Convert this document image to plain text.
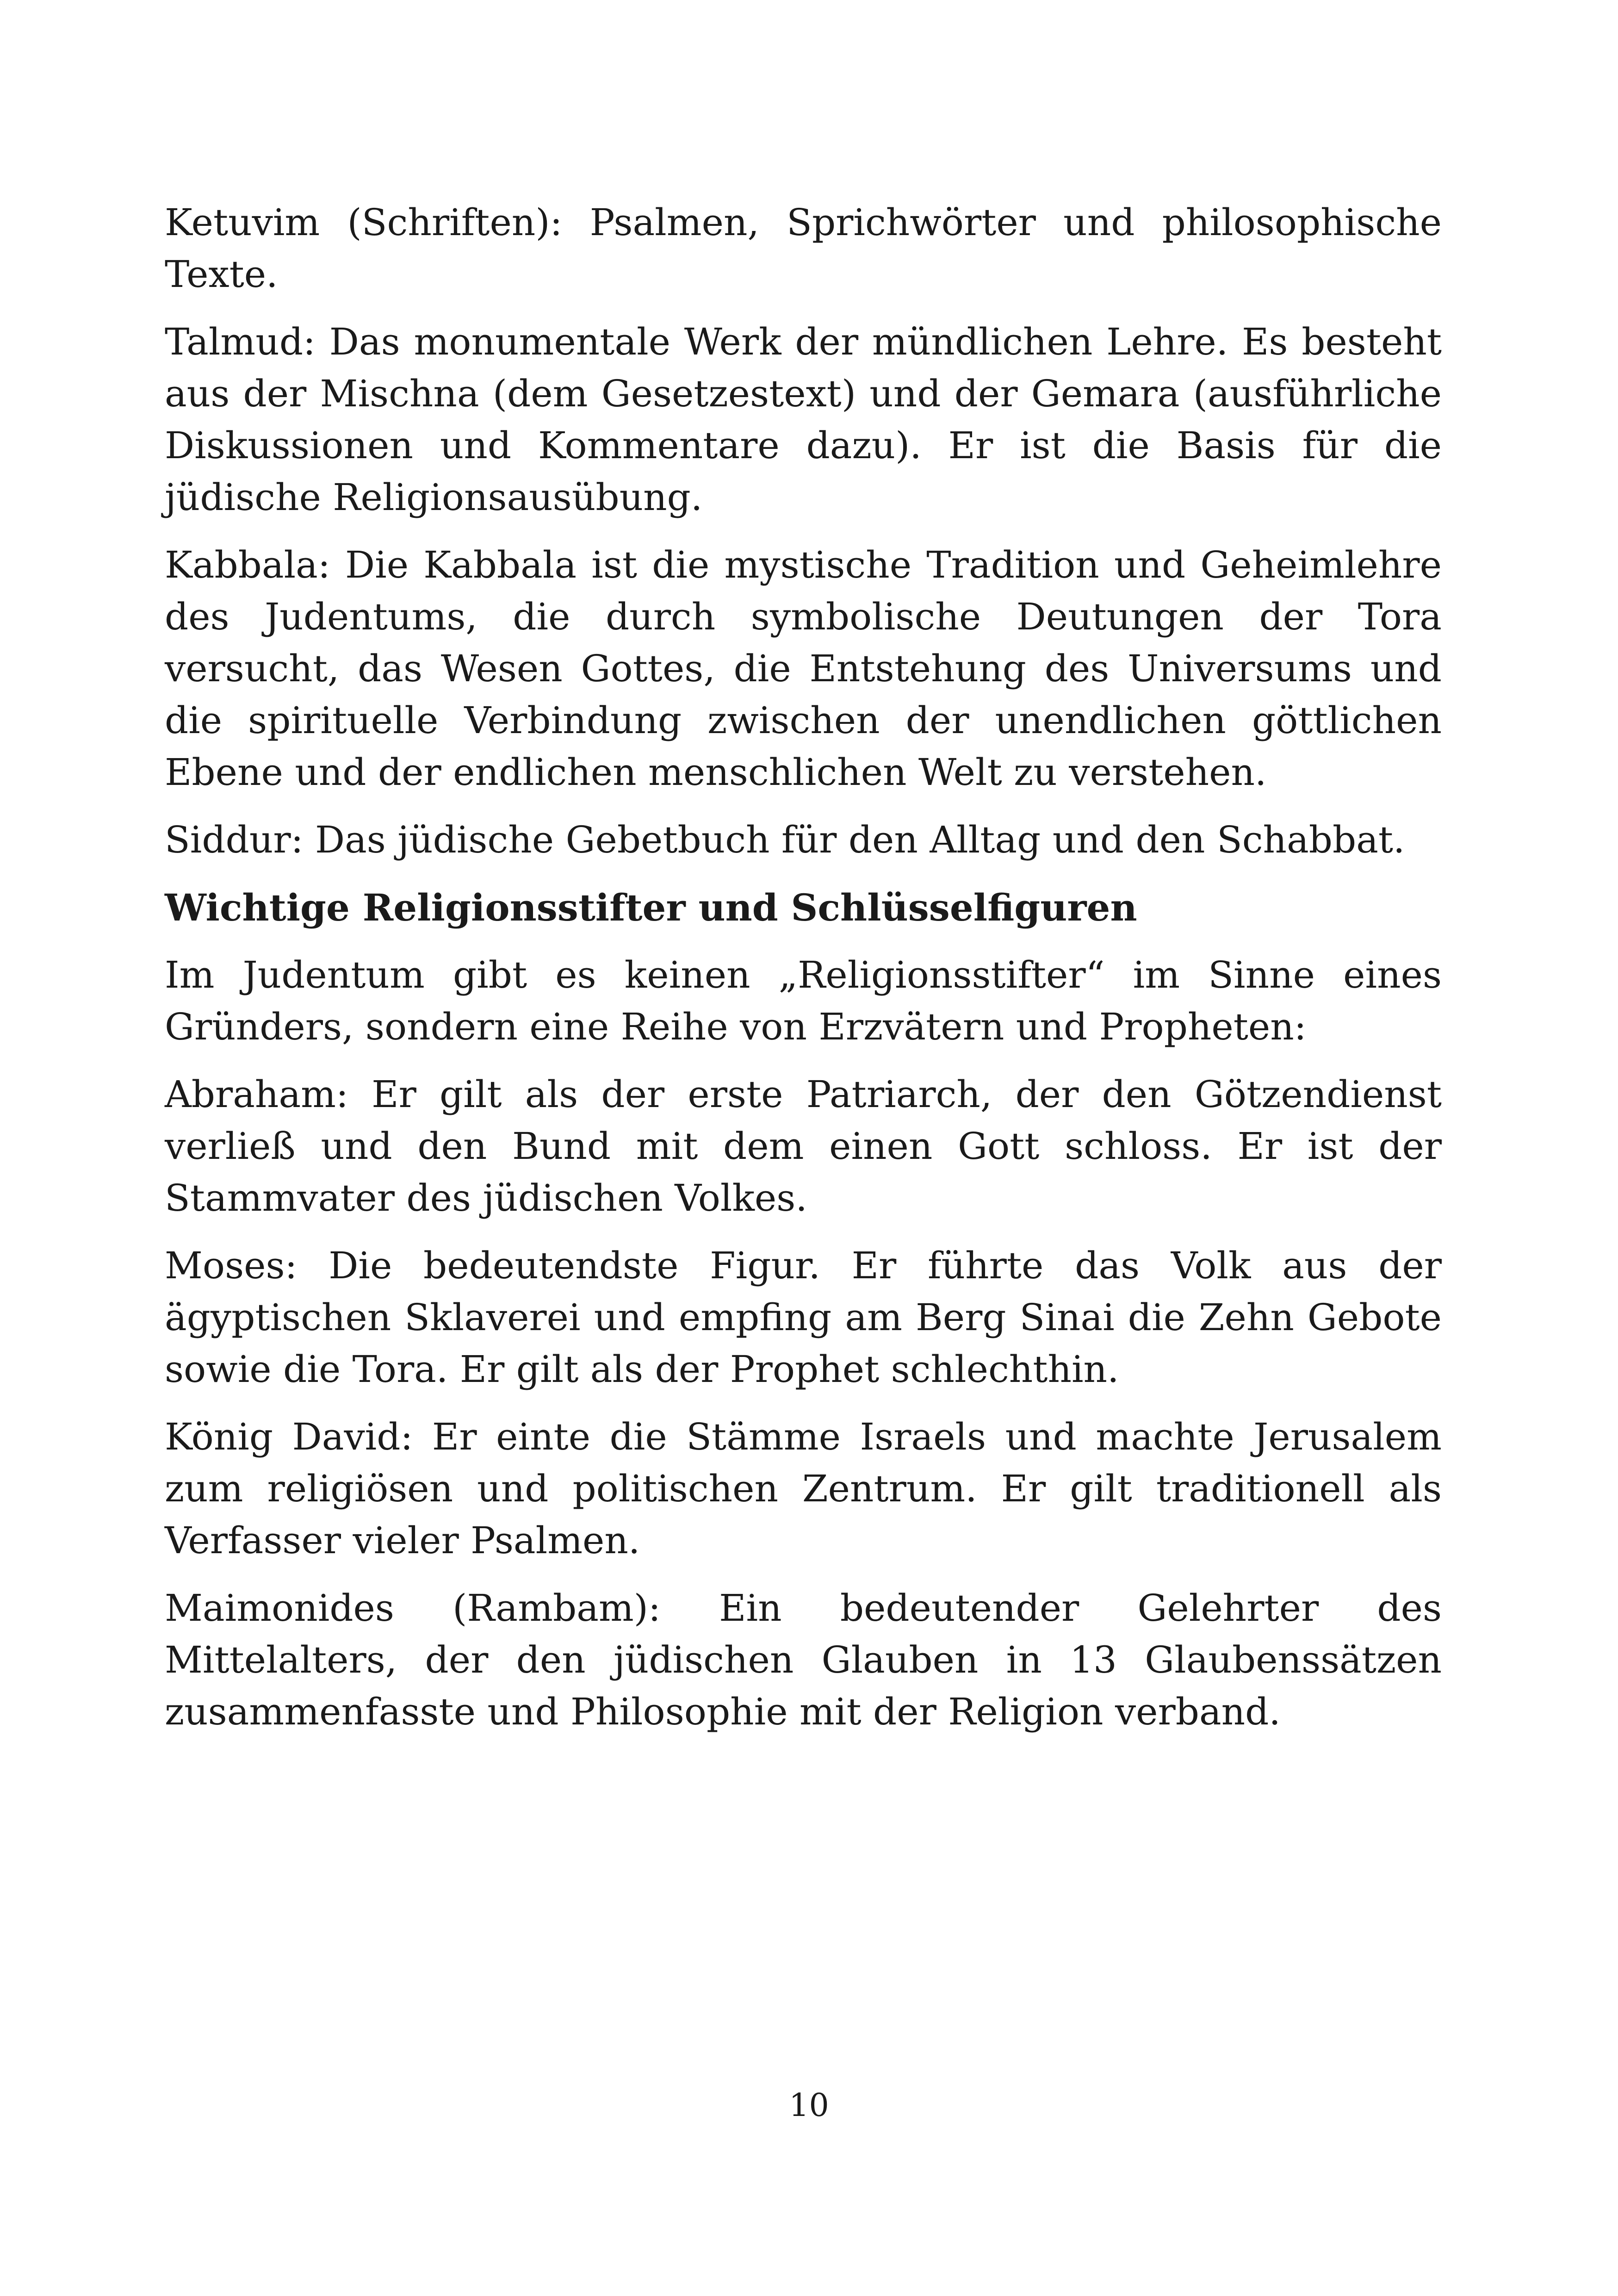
Ketuvim (Schriften): Psalmen, Sprichwörter und philosophische Texte.

Talmud: Das monumentale Werk der mündlichen Lehre. Es besteht aus der Mischna (dem Gesetzestext) und der Gemara (ausführliche Diskussionen und Kommentare dazu). Er ist die Basis für die jüdische Religionsausübung.

Kabbala: Die Kabbala ist die mystische Tradition und Geheimlehre des Judentums, die durch symbolische Deutungen der Tora versucht, das Wesen Gottes, die Entstehung des Universums und die spirituelle Verbindung zwischen der unendlichen göttlichen Ebene und der endlichen menschlichen Welt zu verstehen.

Siddur: Das jüdische Gebetbuch für den Alltag und den Schabbat.

Wichtige Religionsstifter und Schlüsselfiguren

Im Judentum gibt es keinen „Religionsstifter“ im Sinne eines Gründers, sondern eine Reihe von Erzvätern und Propheten:

Abraham: Er gilt als der erste Patriarch, der den Götzendienst verließ und den Bund mit dem einen Gott schloss. Er ist der Stammvater des jüdischen Volkes.

Moses: Die bedeutendste Figur. Er führte das Volk aus der ägyptischen Sklaverei und empfing am Berg Sinai die Zehn Gebote sowie die Tora. Er gilt als der Prophet schlechthin.

König David: Er einte die Stämme Israels und machte Jerusalem zum religiösen und politischen Zentrum. Er gilt traditionell als Verfasser vieler Psalmen.

Maimonides (Rambam): Ein bedeutender Gelehrter des Mittelalters, der den jüdischen Glauben in 13 Glaubenssätzen zusammenfasste und Philosophie mit der Religion verband.

10
